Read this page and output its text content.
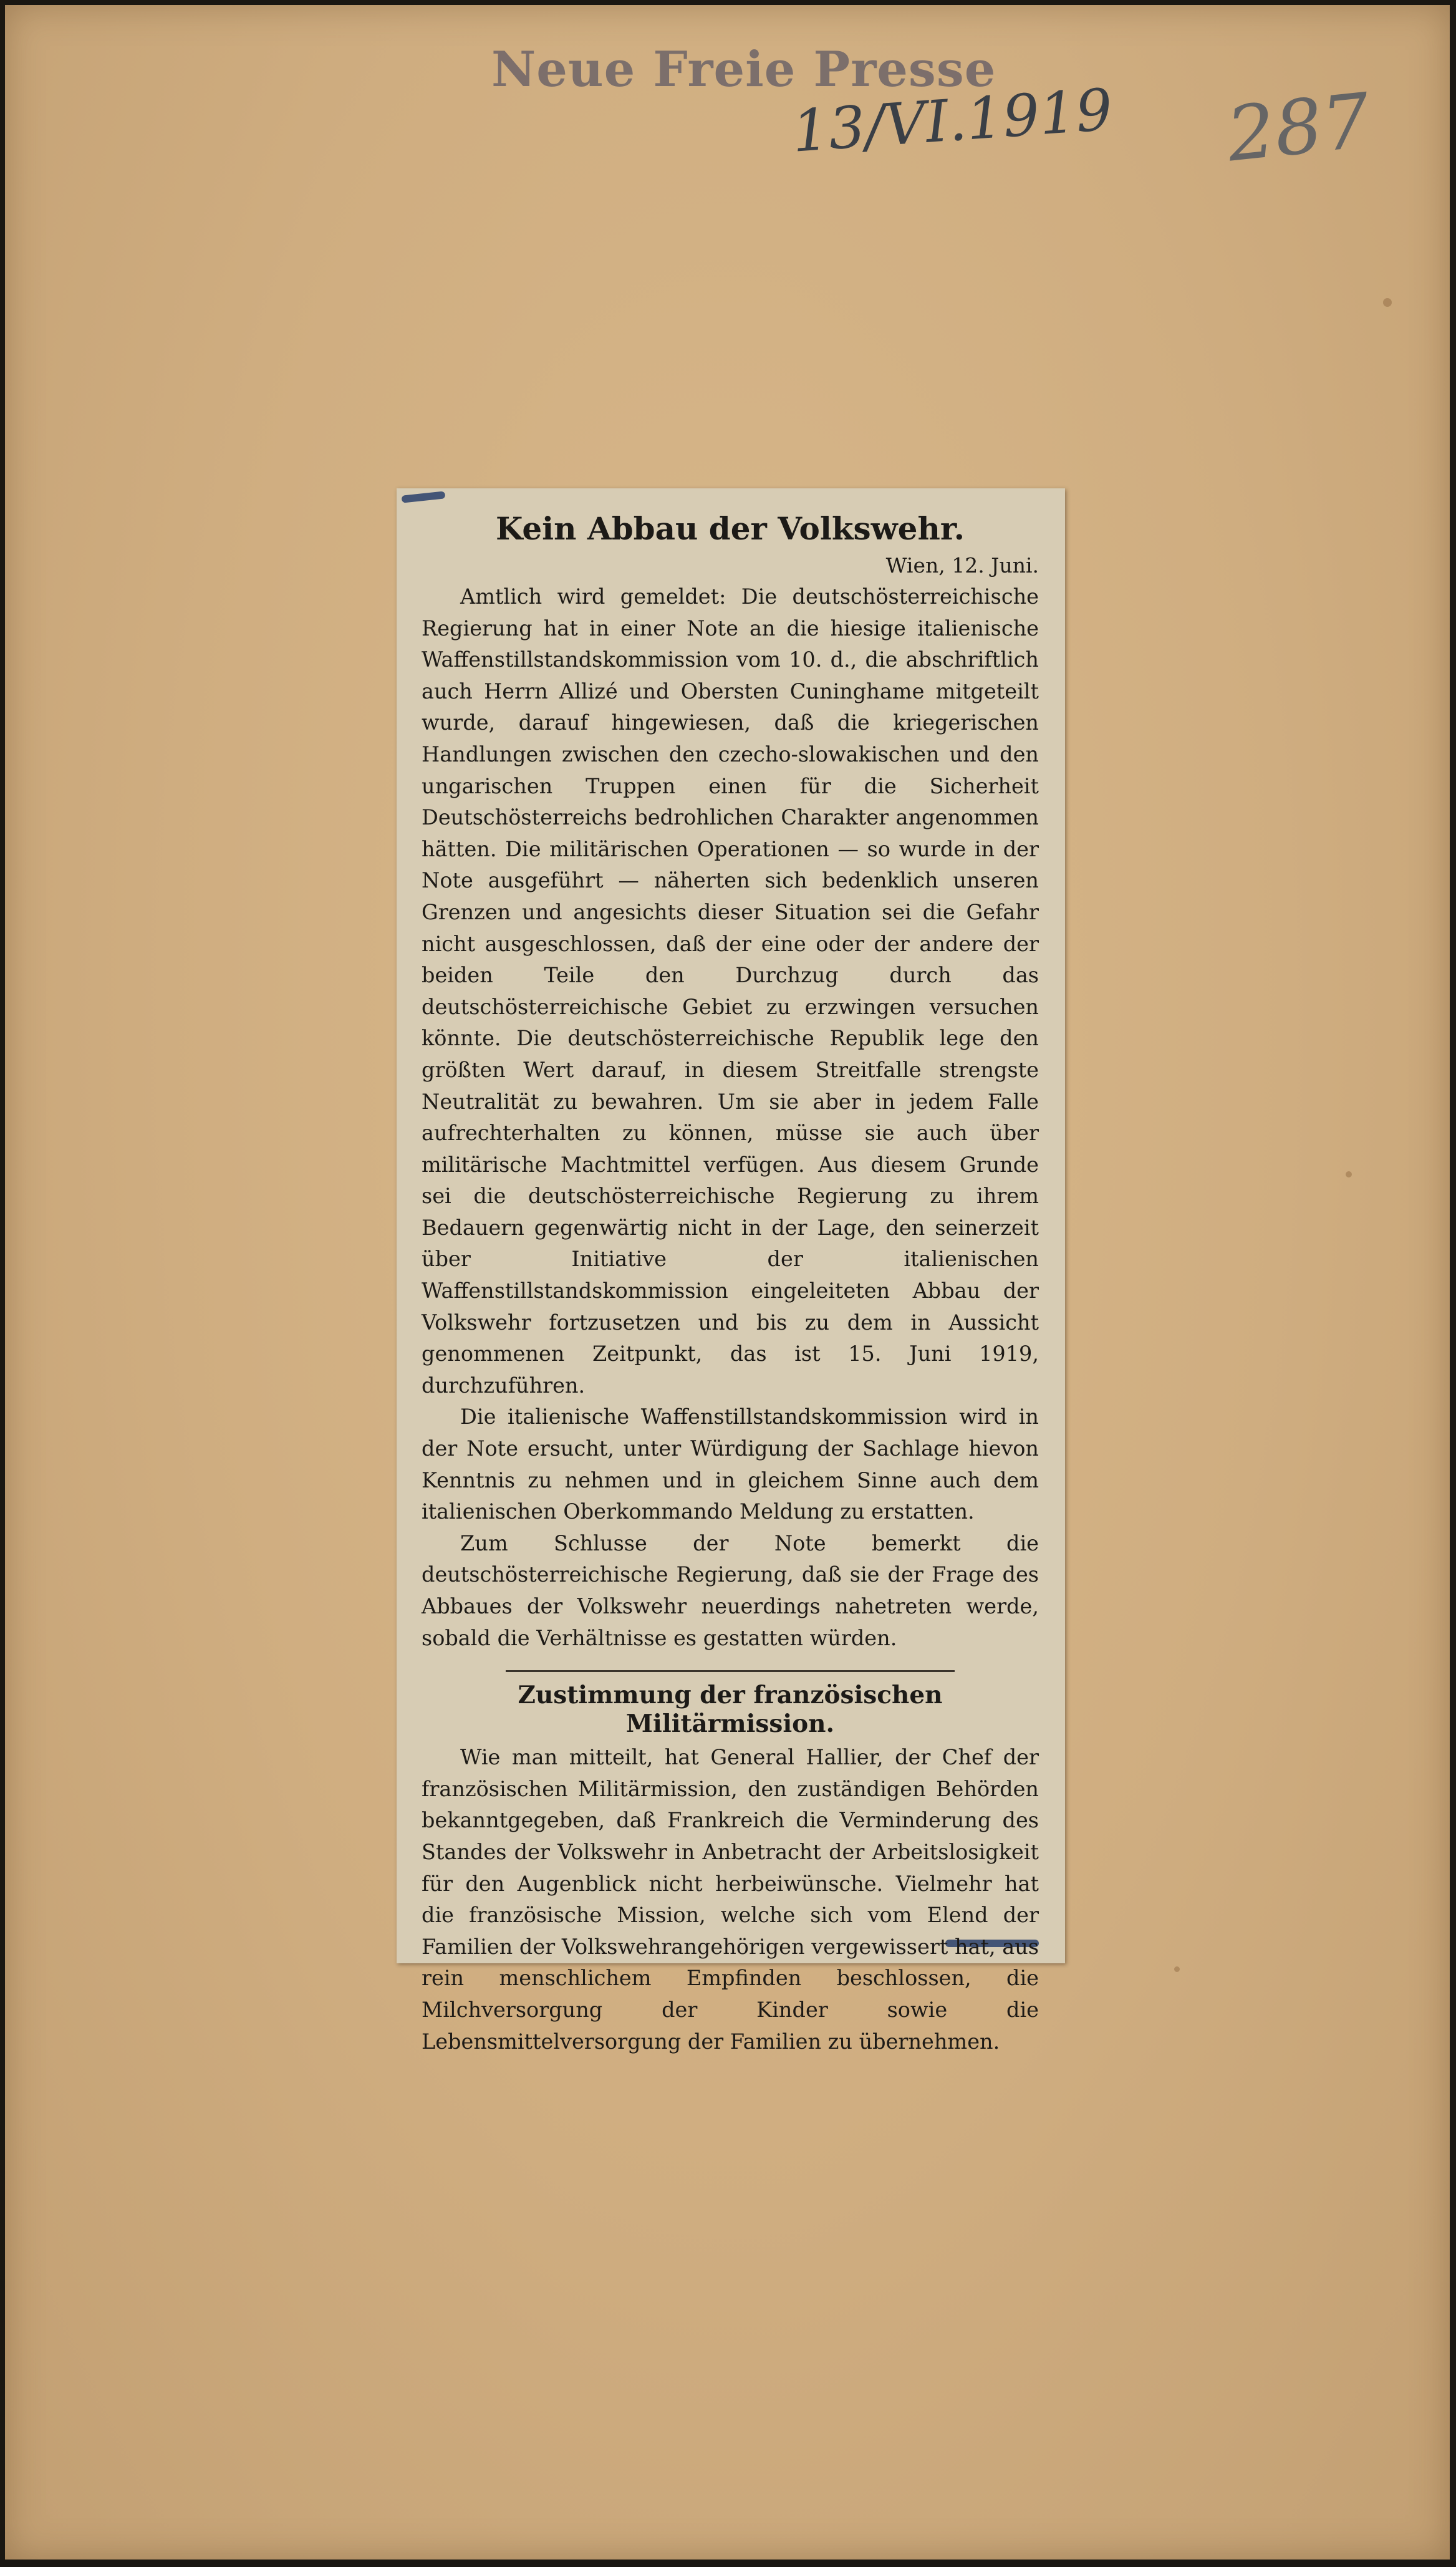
Neue Freie Presse
13/VI.1919 287
Kein Abbau der Volkswehr.
Wien, 12. Juni.

Amtlich wird gemeldet: Die deutschösterreichische Regierung hat in einer Note an die hiesige italienische Waffenstillstandskommission vom 10. d., die abschriftlich auch Herrn Allizé und Obersten Cuninghame mitgeteilt wurde, darauf hingewiesen, daß die kriegerischen Handlungen zwischen den czecho-slowakischen und den ungarischen Truppen einen für die Sicherheit Deutschösterreichs bedrohlichen Charakter angenommen hätten. Die militärischen Operationen — so wurde in der Note ausgeführt — näherten sich bedenklich unseren Grenzen und angesichts dieser Situation sei die Gefahr nicht ausgeschlossen, daß der eine oder der andere der beiden Teile den Durchzug durch das deutschösterreichische Gebiet zu erzwingen versuchen könnte. Die deutschösterreichische Republik lege den größten Wert darauf, in diesem Streitfalle strengste Neutralität zu bewahren. Um sie aber in jedem Falle aufrechterhalten zu können, müsse sie auch über militärische Machtmittel verfügen. Aus diesem Grunde sei die deutschösterreichische Regierung zu ihrem Bedauern gegenwärtig nicht in der Lage, den seinerzeit über Initiative der italienischen Waffenstillstandskommission eingeleiteten Abbau der Volkswehr fortzusetzen und bis zu dem in Aussicht genommenen Zeitpunkt, das ist 15. Juni 1919, durchzuführen.

Die italienische Waffenstillstandskommission wird in der Note ersucht, unter Würdigung der Sachlage hievon Kenntnis zu nehmen und in gleichem Sinne auch dem italienischen Oberkommando Meldung zu erstatten.

Zum Schlusse der Note bemerkt die deutschösterreichische Regierung, daß sie der Frage des Abbaues der Volkswehr neuerdings nahetreten werde, sobald die Verhältnisse es gestatten würden.

Zustimmung der französischen Militärmission.

Wie man mitteilt, hat General Hallier, der Chef der französischen Militärmission, den zuständigen Behörden bekanntgegeben, daß Frankreich die Verminderung des Standes der Volkswehr in Anbetracht der Arbeitslosigkeit für den Augenblick nicht herbeiwünsche. Vielmehr hat die französische Mission, welche sich vom Elend der Familien der Volkswehrangehörigen vergewissert hat, aus rein menschlichem Empfinden beschlossen, die Milchversorgung der Kinder sowie die Lebensmittelversorgung der Familien zu übernehmen.
